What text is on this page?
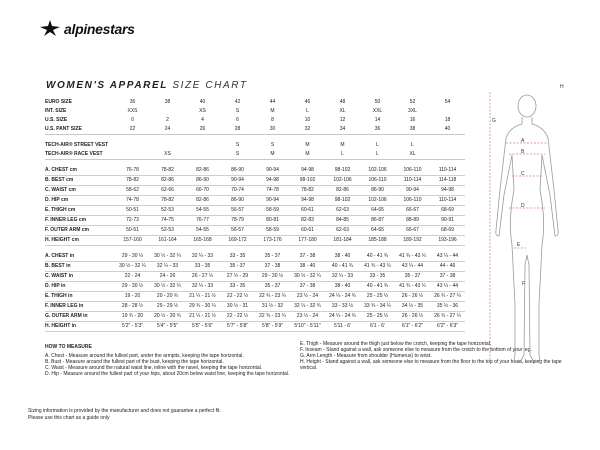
alpinestars
WOMEN'S APPAREL SIZE CHART
EURO SIZE	36	38	40	42	44	46	48	50	52	54
INT. SIZE	XXS		XS	S	M	L	XL	XXL	3XL	
U.S. SIZE	0	2	4	6	8	10	12	14	16	18
U.S. PANT SIZE	22	24	26	28	30	32	34	36	38	40

TECH-AIR® STREET VEST				S	S	M	M	L	L	
TECH-AIR® RACE VEST		XS		S	M	M	L	L	XL	

A. CHEST cm	76-78	78-82	82-86	86-90	90-94	94-98	98-102	102-106	106-110	110-114
B. BEST cm	78-82	82-86	86-90	90-94	94-98	98-102	102-106	106-110	110-114	114-118
C. WAIST cm	58-62	62-66	66-70	70-74	74-78	78-82	82-86	86-90	90-94	94-98
D. HIP cm	74-78	78-82	82-86	86-90	90-94	94-98	98-102	102-106	106-110	110-114
E. THIGH cm	50-51	52-53	54-55	56-57	58-59	60-61	62-63	64-65	66-67	68-69
F. INNER LEG cm	72-73	74-75	76-77	78-79	80-81	82-83	84-85	86-87	88-89	90-91
F. OUTER ARM cm	50-51	52-53	54-55	56-57	58-59	60-61	62-63	64-65	66-67	68-69
H. HEIGHT cm	157-160	161-164	165-168	169-172	173-176	177-180	181-184	185-188	189-192	193-196

A. CHEST in	29 - 30 ½	30 ½ - 32 ¼	32 ¼ - 33	33 - 35	35 - 37	37 - 38	38 - 40	40 - 41 ¾	41 ¾ - 43 ¼	43 ¼ - 44
B. BEST in	30 ½ - 32 ¼	32 ¼ - 33	33 - 35	35 - 37	37 - 38	38 - 40	40 - 41 ¾	41 ¾ - 43 ¼	43 ¼ - 44	44 - 46
C. WAIST in	22 - 24	24 - 26	26 - 27 ½	27 ½ - 29	29 - 30 ½	30 ½ - 32 ¼	32 ¼ - 33	33 - 35	35 - 37	37 - 38
D. HIP in	29 - 30 ½	30 ½ - 32 ¼	32 ¼ - 33	33 - 35	35 - 37	37 - 38	38 - 40	40 - 41 ¾	41 ¾ - 43 ¼	43 ¼ - 44
E. THIGH in	19 - 20	20 - 20 ¾	21 ¼ - 21 ½	22 - 22 ½	22 ¾ - 23 ¼	23 ½ - 24	24 ¼ - 24 ¾	25 - 25 ½	26 - 26 ½	26 ¾ - 27 ¼
F. INNER LEG in	28 - 28 ½	29 - 29 ½	29 ¾ - 30 ¼	30 ½ - 31	31 ½ - 32	32 ¼ - 32 ¾	33 - 33 ½	33 ¾ - 34 ¼	34 ½ - 35	35 ½ - 36
G. OUTER ARM in	19 ¾ - 20	20 ½ - 20 ¾	21 ¼ - 21 ½	22 - 22 ½	22 ¾ - 23 ¼	23 ½ - 24	24 ¼ - 24 ¾	25 - 25 ½	26 - 26 ½	26 ¾ - 27 ¼
H. HEIGHT in	5'2" - 5'3"	5'4" - 5'5"	5'5" - 5'6"	5'7" - 5'8"	5'8" - 5'9"	5'10" - 5'11"	5'11 - 6'	6'1 - 6'	6'1" - 6'2"	6'2" - 6'3"
HOW TO MEASURE
A. Chest - Measure around the fullest part, under the armpits, keeping the tape horizontal.
B. Bust - Measure around the fullest part of the bust, keeping the tape horizontal.
C. Waist - Measure around the natural waist line, inline with the navel, keeping the tape horizontal.
D. Hip - Measure around the fullest part of your hips, about 20cm below waist line, keeping the tape horizontal.
E. Thigh - Measure around the thigh just below the crotch, keeping the tape horizontal.
F. Inseam - Stand against a wall, ask someone else to measure from the crotch to the bottom of your leg.
G. Arm Length - Measure from shoulder (Humerus) to wrist.
H. Height - Stand against a wall, ask someone else to measure from the floor to the top of your head, keeping the tape
vertical.
Sizing information is provided by the manufacturer and does not guarantee a perfect fit.
Please use this chart as a guide only
H
G
A
B
C
D
E
F
